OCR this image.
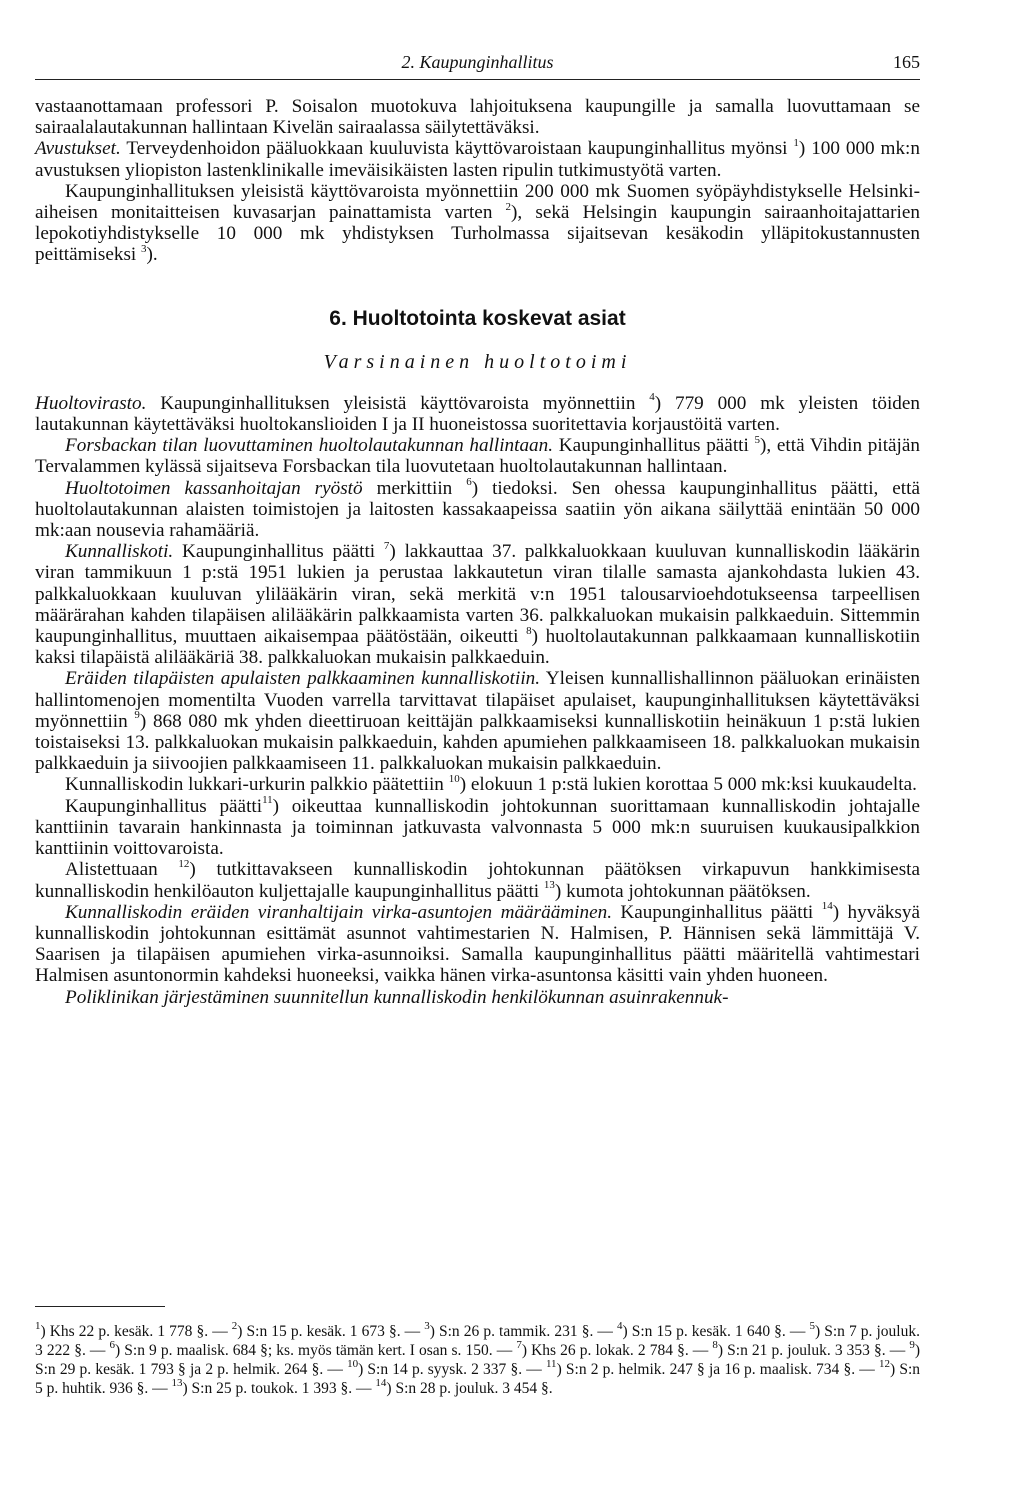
2. Kaupunginhallitus	165

vastaanottamaan professori P. Soisalon muotokuva lahjoituksena kaupungille ja samalla luovuttamaan se sairaalalautakunnan hallintaan Kivelän sairaalassa säilytettäväksi.

Avustukset. Terveydenhoidon pääluokkaan kuuluvista käyttövaroistaan kaupunginhallitus myönsi $^1$) 100 000 mk:n avustuksen yliopiston lastenklinikalle imeväisikäisten lasten ripulin tutkimustyötä varten.

Kaupunginhallituksen yleisistä käyttövaroista myönnettiin 200 000 mk Suomen syöpäyhdistykselle Helsinki-aiheisen monitaitteisen kuvasarjan painattamista varten $^2$), sekä Helsingin kaupungin sairaanhoitajattarien lepokotiyhdistykselle 10 000 mk yhdistyksen Turholmassa sijaitsevan kesäkodin ylläpitokustannusten peittämiseksi $^3$).

6. Huoltotointa koskevat asiat

Varsinainen huoltotoimi

Huoltovirasto. Kaupunginhallituksen yleisistä käyttövaroista myönnettiin $^4$) 779 000 mk yleisten töiden lautakunnan käytettäväksi huoltokanslioiden I ja II huoneistossa suoritettavia korjaustöitä varten.

Forsbackan tilan luovuttaminen huoltolautakunnan hallintaan. Kaupunginhallitus päätti $^5$), että Vihdin pitäjän Tervalammen kylässä sijaitseva Forsbackan tila luovutetaan huoltolautakunnan hallintaan.

Huoltotoimen kassanhoitajan ryöstö merkittiin $^6$) tiedoksi. Sen ohessa kaupunginhallitus päätti, että huoltolautakunnan alaisten toimistojen ja laitosten kassakaapeissa saatiin yön aikana säilyttää enintään 50 000 mk:aan nousevia rahamääriä.

Kunnalliskoti. Kaupunginhallitus päätti $^7$) lakkauttaa 37. palkkaluokkaan kuuluvan kunnalliskodin lääkärin viran tammikuun 1 p:stä 1951 lukien ja perustaa lakkautetun viran tilalle samasta ajankohdasta lukien 43. palkkaluokkaan kuuluvan ylilääkärin viran, sekä merkitä v:n 1951 talousarvioehdotukseensa tarpeellisen määrärahan kahden tilapäisen alilääkärin palkkaamista varten 36. palkkaluokan mukaisin palkkaeduin. Sittemmin kaupunginhallitus, muuttaen aikaisempaa päätöstään, oikeutti $^8$) huoltolautakunnan palkkaamaan kunnalliskotiin kaksi tilapäistä alilääkäriä 38. palkkaluokan mukaisin palkkaeduin.

Eräiden tilapäisten apulaisten palkkaaminen kunnalliskotiin. Yleisen kunnallishallinnon pääluokan erinäisten hallintomenojen momentilta Vuoden varrella tarvittavat tilapäiset apulaiset, kaupunginhallituksen käytettäväksi myönnettiin $^9$) 868 080 mk yhden dieettiruoan keittäjän palkkaamiseksi kunnalliskotiin heinäkuun 1 p:stä lukien toistaiseksi 13. palkkaluokan mukaisin palkkaeduin, kahden apumiehen palkkaamiseen 18. palkkaluokan mukaisin palkkaeduin ja siivoojien palkkaamiseen 11. palkkaluokan mukaisin palkkaeduin.

Kunnalliskodin lukkari-urkurin palkkio päätettiin $^{10}$) elokuun 1 p:stä lukien korottaa 5 000 mk:ksi kuukaudelta.

Kaupunginhallitus päätti$^{11}$) oikeuttaa kunnalliskodin johtokunnan suorittamaan kunnalliskodin johtajalle kanttiinin tavarain hankinnasta ja toiminnan jatkuvasta valvonnasta 5 000 mk:n suuruisen kuukausipalkkion kanttiinin voittovaroista.

Alistettuaan $^{12}$) tutkittavakseen kunnalliskodin johtokunnan päätöksen virkapuvun hankkimisesta kunnalliskodin henkilöauton kuljettajalle kaupunginhallitus päätti $^{13}$) kumota johtokunnan päätöksen.

Kunnalliskodin eräiden viranhaltijain virka-asuntojen määrääminen. Kaupunginhallitus päätti $^{14}$) hyväksyä kunnalliskodin johtokunnan esittämät asunnot vahtimestarien N. Halmisen, P. Hännisen sekä lämmittäjä V. Saarisen ja tilapäisen apumiehen virka-asunnoiksi. Samalla kaupunginhallitus päätti määritellä vahtimestari Halmisen asuntonormin kahdeksi huoneeksi, vaikka hänen virka-asuntonsa käsitti vain yhden huoneen.

Poliklinikan järjestäminen suunnitellun kunnalliskodin henkilökunnan asuinrakennuk-

$^1$) Khs 22 p. kesäk. 1 778 §. — $^2$) S:n 15 p. kesäk. 1 673 §. — $^3$) S:n 26 p. tammik. 231 §. — $^4$) S:n 15 p. kesäk. 1 640 §. — $^5$) S:n 7 p. jouluk. 3 222 §. — $^6$) S:n 9 p. maalisk. 684 §; ks. myös tämän kert. I osan s. 150. — $^7$) Khs 26 p. lokak. 2 784 §. — $^8$) S:n 21 p. jouluk. 3 353 §. — $^9$) S:n 29 p. kesäk. 1 793 § ja 2 p. helmik. 264 §. — $^{10}$) S:n 14 p. syysk. 2 337 §. — $^{11}$) S:n 2 p. helmik. 247 § ja 16 p. maalisk. 734 §. — $^{12}$) S:n 5 p. huhtik. 936 §. — $^{13}$) S:n 25 p. toukok. 1 393 §. — $^{14}$) S:n 28 p. jouluk. 3 454 §.
